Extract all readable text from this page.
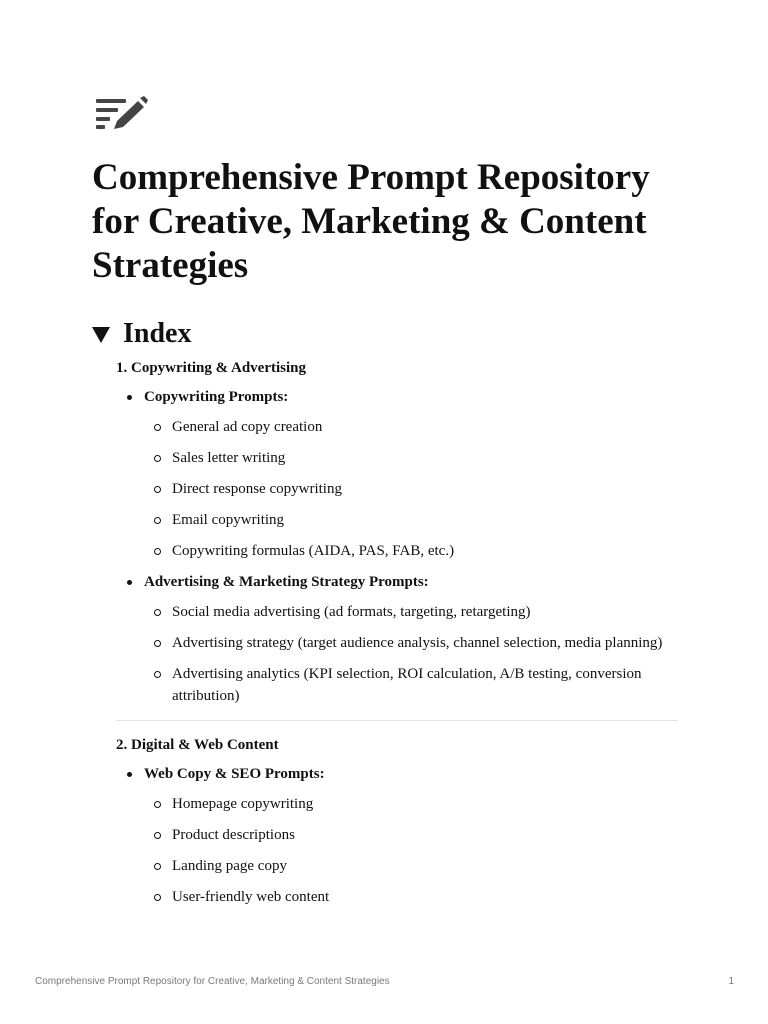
Comprehensive Prompt Repository for Creative, Marketing & Content Strategies
Index

1. Copywriting & Advertising

Copywriting Prompts:
General ad copy creation
Sales letter writing
Direct response copywriting
Email copywriting
Copywriting formulas (AIDA, PAS, FAB, etc.)
Advertising & Marketing Strategy Prompts:
Social media advertising (ad formats, targeting, retargeting)
Advertising strategy (target audience analysis, channel selection, media planning)
Advertising analytics (KPI selection, ROI calculation, A/B testing, conversion attribution)

2. Digital & Web Content

Web Copy & SEO Prompts:
Homepage copywriting
Product descriptions
Landing page copy
User-friendly web content
Comprehensive Prompt Repository for Creative, Marketing & Content Strategies	1
